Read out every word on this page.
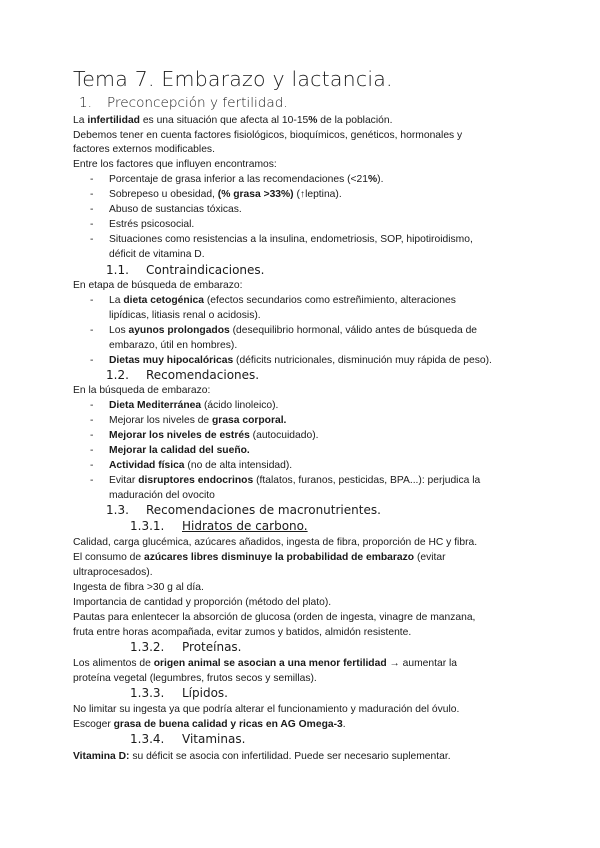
Tema 7. Embarazo y lactancia.
1. Preconcepción y fertilidad.
La infertilidad es una situación que afecta al 10-15% de la población.
Debemos tener en cuenta factores fisiológicos, bioquímicos, genéticos, hormonales y
factores externos modificables.
Entre los factores que influyen encontramos:
-	Porcentaje de grasa inferior a las recomendaciones (<21%).
-	Sobrepeso u obesidad, (% grasa >33%) (↑leptina).
-	Abuso de sustancias tóxicas.
-	Estrés psicosocial.
-	Situaciones como resistencias a la insulina, endometriosis, SOP, hipotiroidismo,
déficit de vitamina D.
1.1. Contraindicaciones.
En etapa de búsqueda de embarazo:
-	La dieta cetogénica (efectos secundarios como estreñimiento, alteraciones
lipídicas, litiasis renal o acidosis).
-	Los ayunos prolongados (desequilibrio hormonal, válido antes de búsqueda de
embarazo, útil en hombres).
-	Dietas muy hipocalóricas (déficits nutricionales, disminución muy rápida de peso).
1.2. Recomendaciones.
En la búsqueda de embarazo:
-	Dieta Mediterránea (ácido linoleico).
-	Mejorar los niveles de grasa corporal.
-	Mejorar los niveles de estrés (autocuidado).
-	Mejorar la calidad del sueño.
-	Actividad física (no de alta intensidad).
-	Evitar disruptores endocrinos (ftalatos, furanos, pesticidas, BPA...): perjudica la
maduración del ovocito
1.3. Recomendaciones de macronutrientes.
1.3.1. Hidratos de carbono.
Calidad, carga glucémica, azúcares añadidos, ingesta de fibra, proporción de HC y fibra.
El consumo de azúcares libres disminuye la probabilidad de embarazo (evitar
ultraprocesados).
Ingesta de fibra >30 g al día.
Importancia de cantidad y proporción (método del plato).
Pautas para enlentecer la absorción de glucosa (orden de ingesta, vinagre de manzana,
fruta entre horas acompañada, evitar zumos y batidos, almidón resistente.
1.3.2. Proteínas.
Los alimentos de origen animal se asocian a una menor fertilidad → aumentar la
proteína vegetal (legumbres, frutos secos y semillas).
1.3.3. Lípidos.
No limitar su ingesta ya que podría alterar el funcionamiento y maduración del óvulo.
Escoger grasa de buena calidad y ricas en AG Omega-3.
1.3.4. Vitaminas.
Vitamina D: su déficit se asocia con infertilidad. Puede ser necesario suplementar.
